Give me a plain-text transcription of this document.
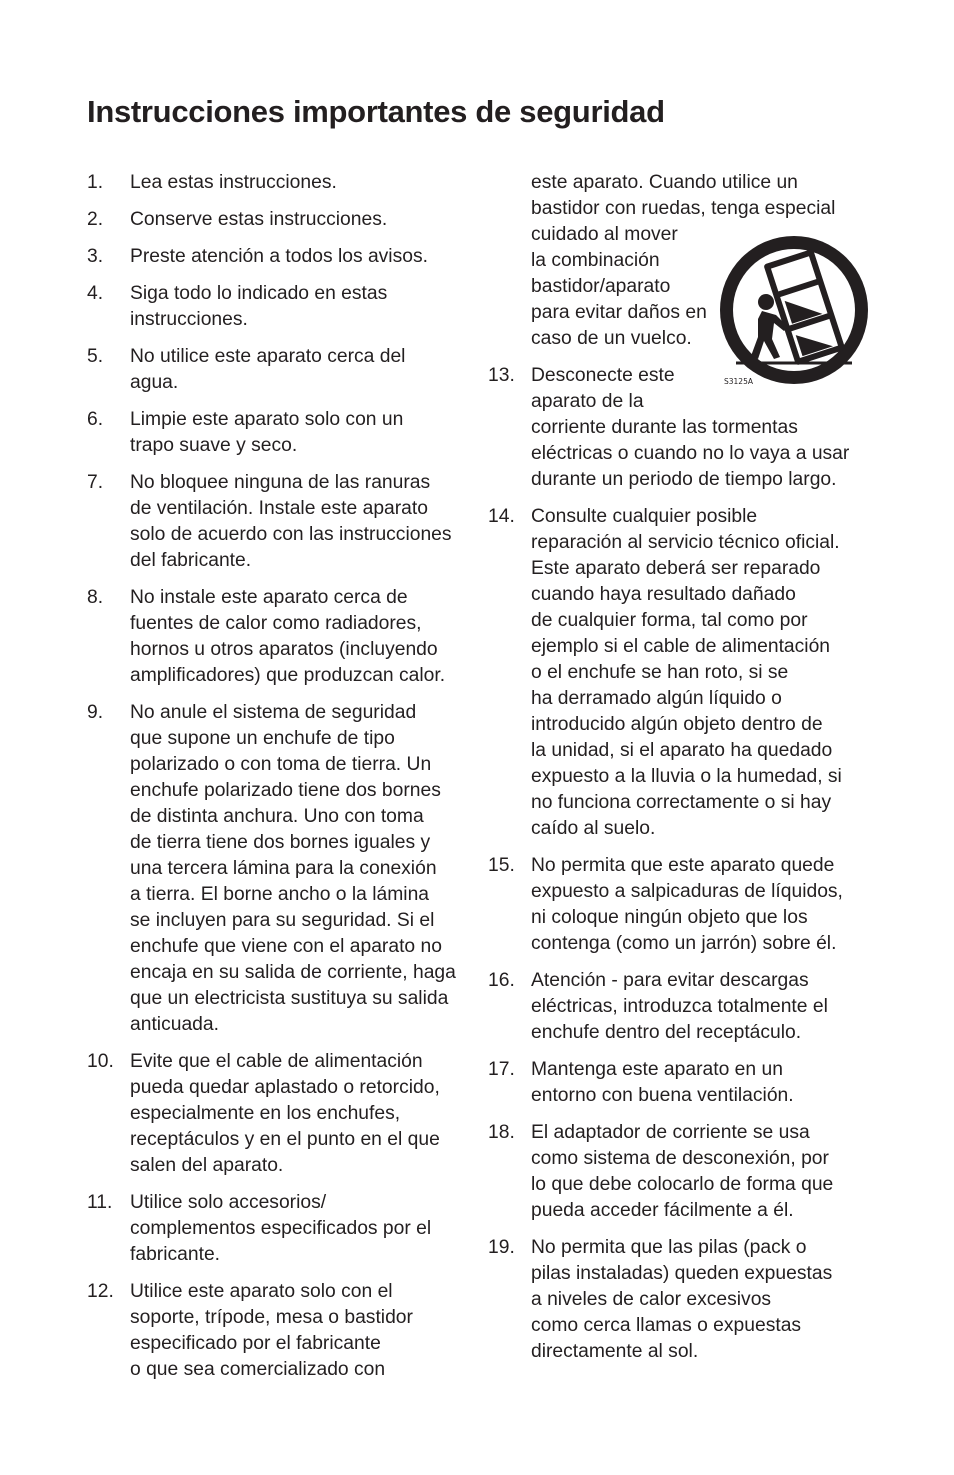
Instrucciones importantes de seguridad
1.	Lea estas instrucciones.
2.	Conserve estas instrucciones.
3.	Preste atención a todos los avisos.
4.	Siga todo lo indicado en estas
instrucciones.
5.	No utilice este aparato cerca del
agua.
6.	Limpie este aparato solo con un
trapo suave y seco.
7.	No bloquee ninguna de las ranuras
de ventilación. Instale este aparato
solo de acuerdo con las instrucciones
del fabricante.
8.	No instale este aparato cerca de
fuentes de calor como radiadores,
hornos u otros aparatos (incluyendo
amplificadores) que produzcan calor.
9.	No anule el sistema de seguridad
que supone un enchufe de tipo
polarizado o con toma de tierra. Un
enchufe polarizado tiene dos bornes
de distinta anchura. Uno con toma
de tierra tiene dos bornes iguales y
una tercera lámina para la conexión
a tierra. El borne ancho o la lámina
se incluyen para su seguridad. Si el
enchufe que viene con el aparato no
encaja en su salida de corriente, haga
que un electricista sustituya su salida
anticuada.
10. Evite que el cable de alimentación
pueda quedar aplastado o retorcido,
especialmente en los enchufes,
receptáculos y en el punto en el que
salen del aparato.
11. Utilice solo accesorios/
complementos especificados por el
fabricante.
12. Utilice este aparato solo con el
soporte, trípode, mesa o bastidor
especificado por el fabricante
o que sea comercializado con
este aparato. Cuando utilice un
bastidor con ruedas, tenga especial
cuidado al mover
la combinación
bastidor/aparato
para evitar daños en
caso de un vuelco.
13. Desconecte este
aparato de la
corriente durante las tormentas
eléctricas o cuando no lo vaya a usar
durante un periodo de tiempo largo.
14. Consulte cualquier posible
reparación al servicio técnico oficial.
Este aparato deberá ser reparado
cuando haya resultado dañado
de cualquier forma, tal como por
ejemplo si el cable de alimentación
o el enchufe se han roto, si se
ha derramado algún líquido o
introducido algún objeto dentro de
la unidad, si el aparato ha quedado
expuesto a la lluvia o la humedad, si
no funciona correctamente o si hay
caído al suelo.
15. No permita que este aparato quede
expuesto a salpicaduras de líquidos,
ni coloque ningún objeto que los
contenga (como un jarrón) sobre él.
16. Atención - para evitar descargas
eléctricas, introduzca totalmente el
enchufe dentro del receptáculo.
17. Mantenga este aparato en un
entorno con buena ventilación.
18. El adaptador de corriente se usa
como sistema de desconexión, por
lo que debe colocarlo de forma que
pueda acceder fácilmente a él.
19. No permita que las pilas (pack o
pilas instaladas) queden expuestas
a niveles de calor excesivos
como cerca llamas o expuestas
directamente al sol.
S3125A
